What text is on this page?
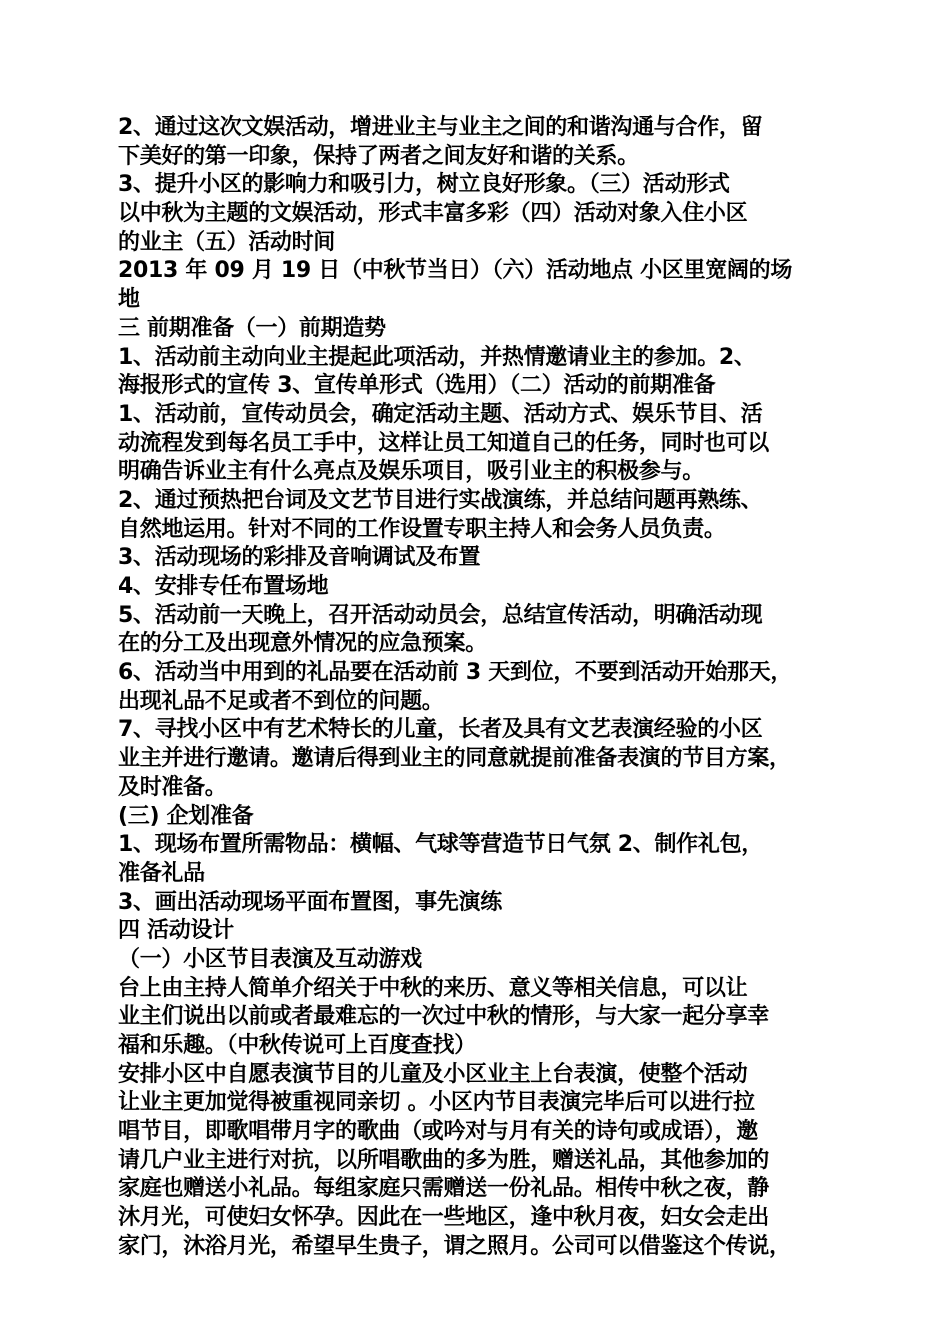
2、通过这次文娱活动，增进业主与业主之间的和谐沟通与合作，留
下美好的第一印象，保持了两者之间友好和谐的关系。
3、提升小区的影响力和吸引力，树立良好形象。（三）活动形式
以中秋为主题的文娱活动，形式丰富多彩（四）活动对象入住小区
的业主（五）活动时间
2013 年 09 月 19 日（中秋节当日）（六）活动地点 小区里宽阔的场
地
三 前期准备（一）前期造势
1、活动前主动向业主提起此项活动，并热情邀请业主的参加。2、
海报形式的宣传 3、宣传单形式（选用）（二）活动的前期准备
1、活动前，宣传动员会，确定活动主题、活动方式、娱乐节目、活
动流程发到每名员工手中，这样让员工知道自己的任务，同时也可以
明确告诉业主有什么亮点及娱乐项目，吸引业主的积极参与。
2、通过预热把台词及文艺节目进行实战演练，并总结问题再熟练、
自然地运用。针对不同的工作设置专职主持人和会务人员负责。
3、活动现场的彩排及音响调试及布置
4、安排专任布置场地
5、活动前一天晚上，召开活动动员会，总结宣传活动，明确活动现
在的分工及出现意外情况的应急预案。
6、活动当中用到的礼品要在活动前 3 天到位，不要到活动开始那天，
出现礼品不足或者不到位的问题。
7、寻找小区中有艺术特长的儿童，长者及具有文艺表演经验的小区
业主并进行邀请。邀请后得到业主的同意就提前准备表演的节目方案，
及时准备。
(三) 企划准备
1、现场布置所需物品：横幅、气球等营造节日气氛 2、制作礼包，
准备礼品
3、画出活动现场平面布置图，事先演练
四 活动设计
（一）小区节目表演及互动游戏
台上由主持人简单介绍关于中秋的来历、意义等相关信息，可以让
业主们说出以前或者最难忘的一次过中秋的情形，与大家一起分享幸
福和乐趣。（中秋传说可上百度查找）
安排小区中自愿表演节目的儿童及小区业主上台表演，使整个活动
让业主更加觉得被重视同亲切 。小区内节目表演完毕后可以进行拉
唱节目，即歌唱带月字的歌曲（或吟对与月有关的诗句或成语），邀
请几户业主进行对抗，以所唱歌曲的多为胜，赠送礼品，其他参加的
家庭也赠送小礼品。每组家庭只需赠送一份礼品。相传中秋之夜，静
沐月光，可使妇女怀孕。因此在一些地区，逢中秋月夜，妇女会走出
家门，沐浴月光，希望早生贵子，谓之照月。公司可以借鉴这个传说，
